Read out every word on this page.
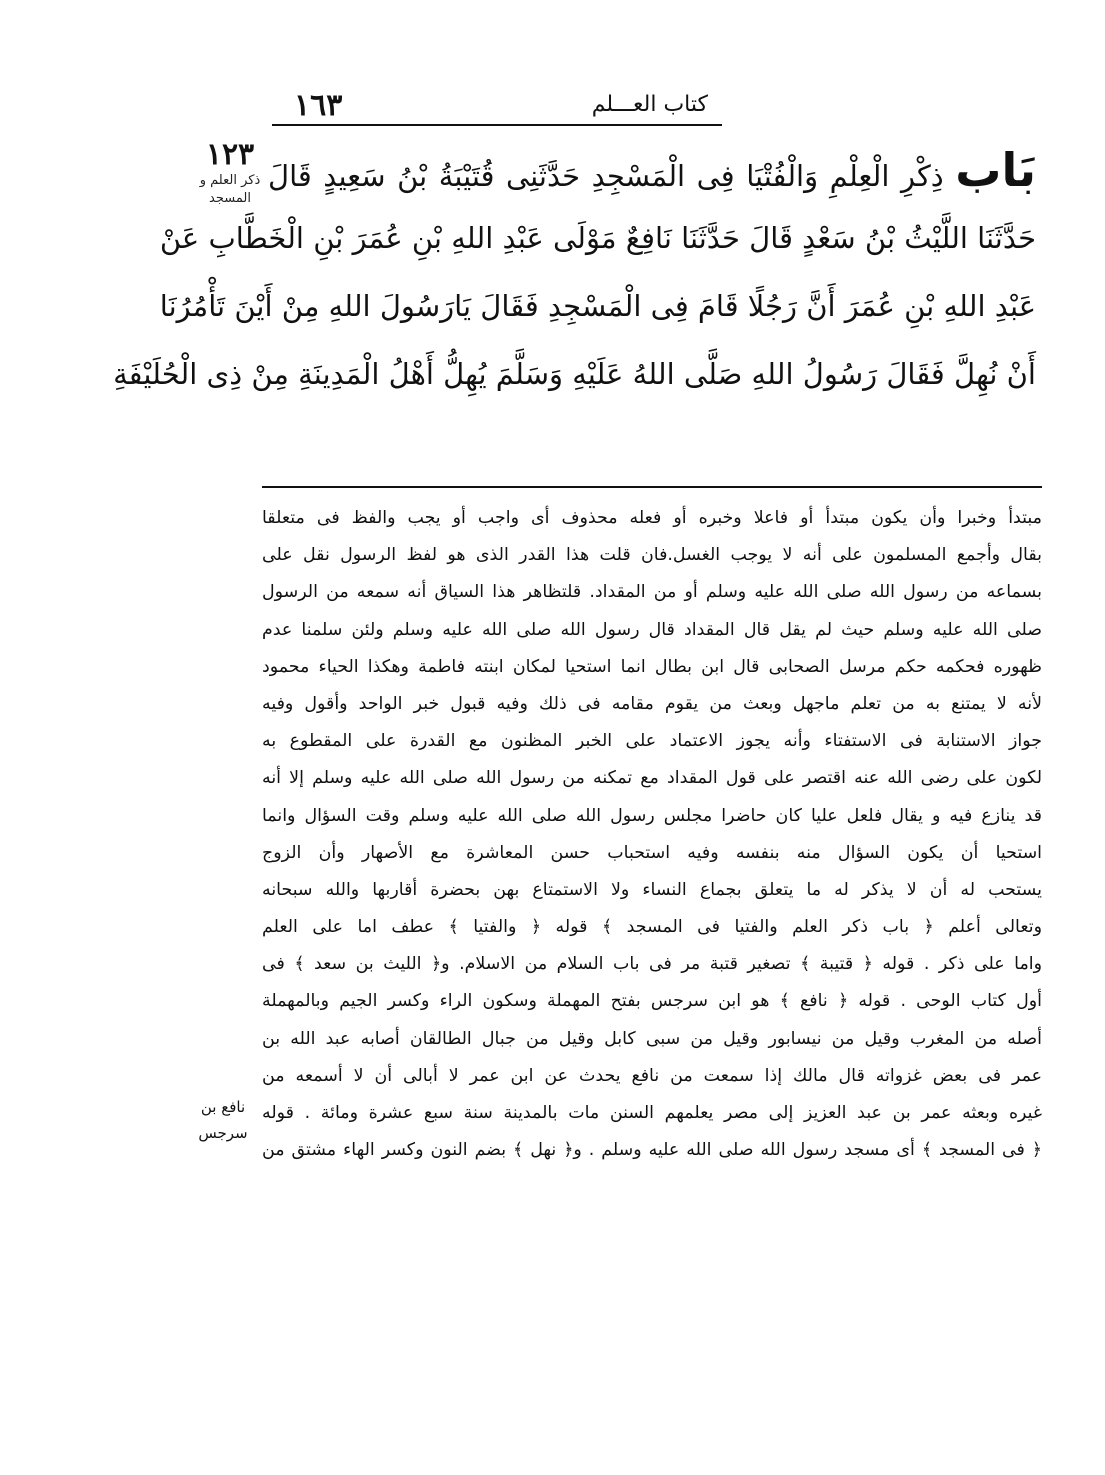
١٦٣	كتاب العـــلم
١٢٣
ذكر العلم و المسجد
بَاب ذِكْرِ الْعِلْمِ وَالْفُتْيَا فِى الْمَسْجِدِ حَدَّثَنِى قُتَيْبَةُ بْنُ سَعِيدٍ قَالَ
حَدَّثَنَا اللَّيْثُ بْنُ سَعْدٍ قَالَ حَدَّثَنَا نَافِعٌ مَوْلَى عَبْدِ اللهِ بْنِ عُمَرَ بْنِ الْخَطَّابِ عَنْ
عَبْدِ اللهِ بْنِ عُمَرَ أَنَّ رَجُلًا قَامَ فِى الْمَسْجِدِ فَقَالَ يَارَسُولَ اللهِ مِنْ أَيْنَ تَأْمُرُنَا
أَنْ نُهِلَّ فَقَالَ رَسُولُ اللهِ صَلَّى اللهُ عَلَيْهِ وَسَلَّمَ يُهِلُّ أَهْلُ الْمَدِينَةِ مِنْ ذِى الْحُلَيْفَةِ
مبتدأ وخبرا وأن يكون مبتدأ أو فاعلا وخبره أو فعله محذوف أى واجب أو يجب والفظ فى متعلقا
بقال وأجمع المسلمون على أنه لا يوجب الغسل.فان قلت هذا القدر الذى هو لفظ الرسول نقل على
بسماعه من رسول الله صلى الله عليه وسلم أو من المقداد. قلتظاهر هذا السياق أنه سمعه من الرسول
صلى الله عليه وسلم حيث لم يقل قال المقداد قال رسول الله صلى الله عليه وسلم ولئن سلمنا عدم
ظهوره فحكمه حكم مرسل الصحابى قال ابن بطال انما استحيا لمكان ابنته فاطمة وهكذا الحياء محمود
لأنه لا يمتنع به من تعلم ماجهل وبعث من يقوم مقامه فى ذلك وفيه قبول خبر الواحد وأقول وفيه
جواز الاستنابة فى الاستفتاء وأنه يجوز الاعتماد على الخبر المظنون مع القدرة على المقطوع به
لكون على رضى الله عنه اقتصر على قول المقداد مع تمكنه من رسول الله صلى الله عليه وسلم إلا أنه
قد ينازع فيه و يقال فلعل عليا كان حاضرا مجلس رسول الله صلى الله عليه وسلم وقت السؤال وانما
استحيا أن يكون السؤال منه بنفسه وفيه استحباب حسن المعاشرة مع الأصهار وأن الزوج
يستحب له أن لا يذكر له ما يتعلق بجماع النساء ولا الاستمتاع بهن بحضرة أقاربها والله سبحانه
وتعالى أعلم ﴿ باب ذكر العلم والفتيا فى المسجد ﴾ قوله ﴿ والفتيا ﴾ عطف اما على العلم
واما على ذكر . قوله ﴿ قتيبة ﴾ تصغير قتبة مر فى باب السلام من الاسلام. و﴿ الليث بن سعد ﴾ فى
أول كتاب الوحى . قوله ﴿ نافع ﴾ هو ابن سرجس بفتح المهملة وسكون الراء وكسر الجيم وبالمهملة
أصله من المغرب وقيل من نيسابور وقيل من سبى كابل وقيل من جبال الطالقان أصابه عبد الله بن
عمر فى بعض غزواته قال مالك إذا سمعت من نافع يحدث عن ابن عمر لا أبالى أن لا أسمعه من
غيره وبعثه عمر بن عبد العزيز إلى مصر يعلمهم السنن مات بالمدينة سنة سبع عشرة ومائة . قوله
﴿ فى المسجد ﴾ أى مسجد رسول الله صلى الله عليه وسلم . و﴿ نهل ﴾ بضم النون وكسر الهاء مشتق من
نافع بن سرجس
